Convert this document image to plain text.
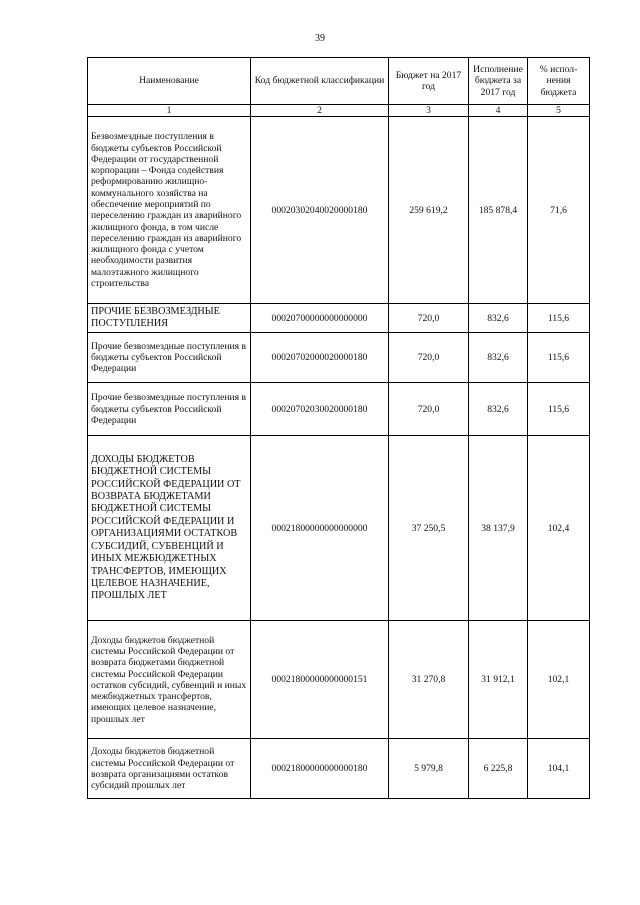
39
Наименование	Код бюджетной классификации	Бюджет на 2017 год	Исполнение бюджета за 2017 год	% испол-нения бюджета
1	2	3	4	5
Безвозмездные поступления в бюджеты субъектов Российской Федерации от государственной корпорации – Фонда содействия реформированию жилищно-коммунального хозяйства на обеспечение мероприятий по переселению граждан из аварийного жилищного фонда, в том числе переселению граждан из аварийного жилищного фонда с учетом необходимости развития малоэтажного жилищного строительства	00020302040020000180	259 619,2	185 878,4	71,6
ПРОЧИЕ БЕЗВОЗМЕЗДНЫЕ ПОСТУПЛЕНИЯ	00020700000000000000	720,0	832,6	115,6
Прочие безвозмездные поступления в бюджеты субъектов Российской Федерации	00020702000020000180	720,0	832,6	115,6
Прочие безвозмездные поступления в бюджеты субъектов Российской Федерации	00020702030020000180	720,0	832,6	115,6
ДОХОДЫ БЮДЖЕТОВ БЮДЖЕТНОЙ СИСТЕМЫ РОССИЙСКОЙ ФЕДЕРАЦИИ ОТ ВОЗВРАТА БЮДЖЕТАМИ БЮДЖЕТНОЙ СИСТЕМЫ РОССИЙСКОЙ ФЕДЕРАЦИИ И ОРГАНИЗАЦИЯМИ ОСТАТКОВ СУБСИДИЙ, СУБВЕНЦИЙ И ИНЫХ МЕЖБЮДЖЕТНЫХ ТРАНСФЕРТОВ, ИМЕЮЩИХ ЦЕЛЕВОЕ НАЗНАЧЕНИЕ, ПРОШЛЫХ ЛЕТ	00021800000000000000	37 250,5	38 137,9	102,4
Доходы бюджетов бюджетной системы Российской Федерации от возврата бюджетами бюджетной системы Российской Федерации остатков субсидий, субвенций и иных межбюджетных трансфертов, имеющих целевое назначение, прошлых лет	00021800000000000151	31 270,8	31 912,1	102,1
Доходы бюджетов бюджетной системы Российской Федерации от возврата организациями остатков субсидий прошлых лет	00021800000000000180	5 979,8	6 225,8	104,1
